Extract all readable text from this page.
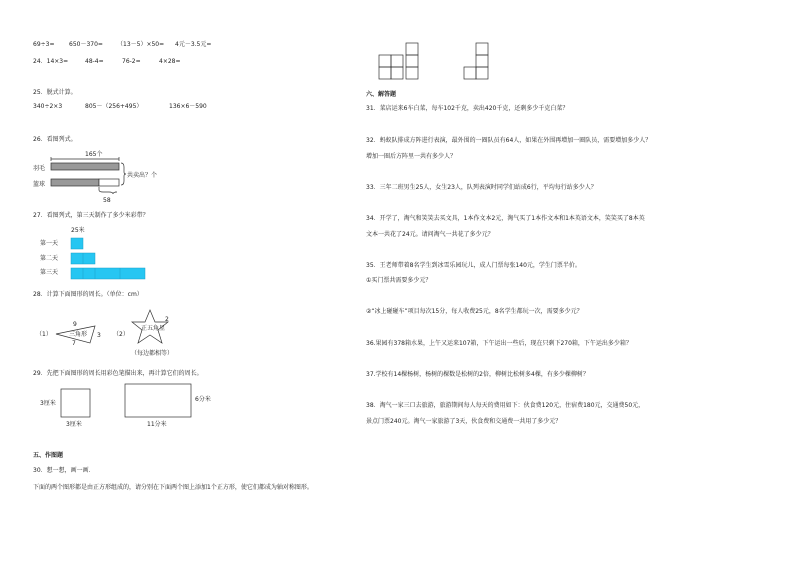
69÷3= 650－370= （13－5）×50= 4元－3.5元=
24．14×3=	48-4=	76-2=	4×28=
25．脱式计算。
340÷2×3	805－（256+495）	136×6－590
26．看图列式。
165个
羽毛
篮球
共卖出？个
58
27．看图列式，第三天制作了多少米彩带？
25米
第一天
第二天
第三天
28．计算下面图形的周长。（单位：cm）
（1）	（2）
9
三角形 3
7
2
正五角星
（每边都相等）
29．先把下面图形的周长用彩色笔描出来，再计算它们的周长。
3厘米
3厘米
6分米
11分米
五、作图题
30．想一想，画一画．
下面的两个图形都是由正方形组成的，请分别在下面两个图上添加1个正方形，使它们都成为轴对称图形。
六、解答题
31．菜店运来6车白菜，每车102千克，卖出420千克，还剩多少千克白菜？
32．蚂蚁队排成方阵进行表演，最外围的一圈队员有64人，如果在外围再增加一圈队员，需要增加多少人？
增加一圈后方阵里一共有多少人？
33．三年二班男生25人，女生23人，队列表演时同学们站成6行，平均每行站多少人？
34．开学了，淘气和笑笑去买文具，1本作文本2元，淘气买了1本作文本和1本英语文本，笑笑买了8本英
文本一共花了24元。请问淘气一共花了多少元？
35．王老师带着8名学生到冰雪乐园玩儿，成人门票每张140元，学生门票半价。
①买门票共需要多少元？
②“冰上碰碰车”项目每次15分，每人收费25元，8名学生都玩一次，需要多少元？
36.果园有378箱水果，上午又运来107箱，下午运出一些后，现在只剩下270箱，下午运出多少箱？
37.学校有14棵杨树，杨树的棵数是松树的2倍，柳树比松树多4棵，有多少棵柳树？
38．淘气一家三口去旅游，旅游期间每人每天的费用如下：伙食费120元，住宿费180元，交通费50元，
景点门票240元。淘气一家旅游了3天，伙食费和交通费一共用了多少元？
